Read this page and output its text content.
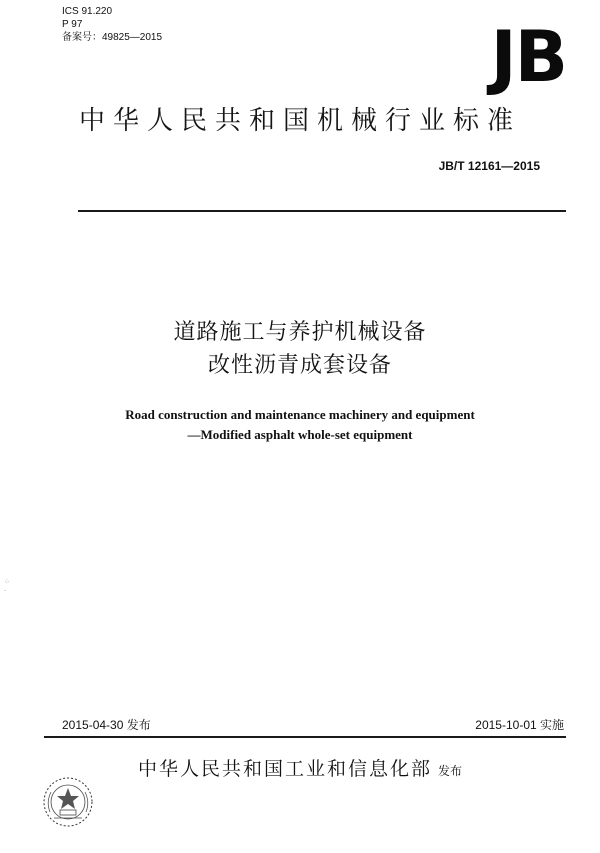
ICS 91.220
P 97
备案号：49825—2015	JB
中华人民共和国机械行业标准
JB/T 12161—2015
道路施工与养护机械设备
改性沥青成套设备
Road construction and maintenance machinery and equipment
—Modified asphalt whole-set equipment
⁘
·
2015-04-30 发布	2015-10-01 实施
中华人民共和国工业和信息化部 发布
